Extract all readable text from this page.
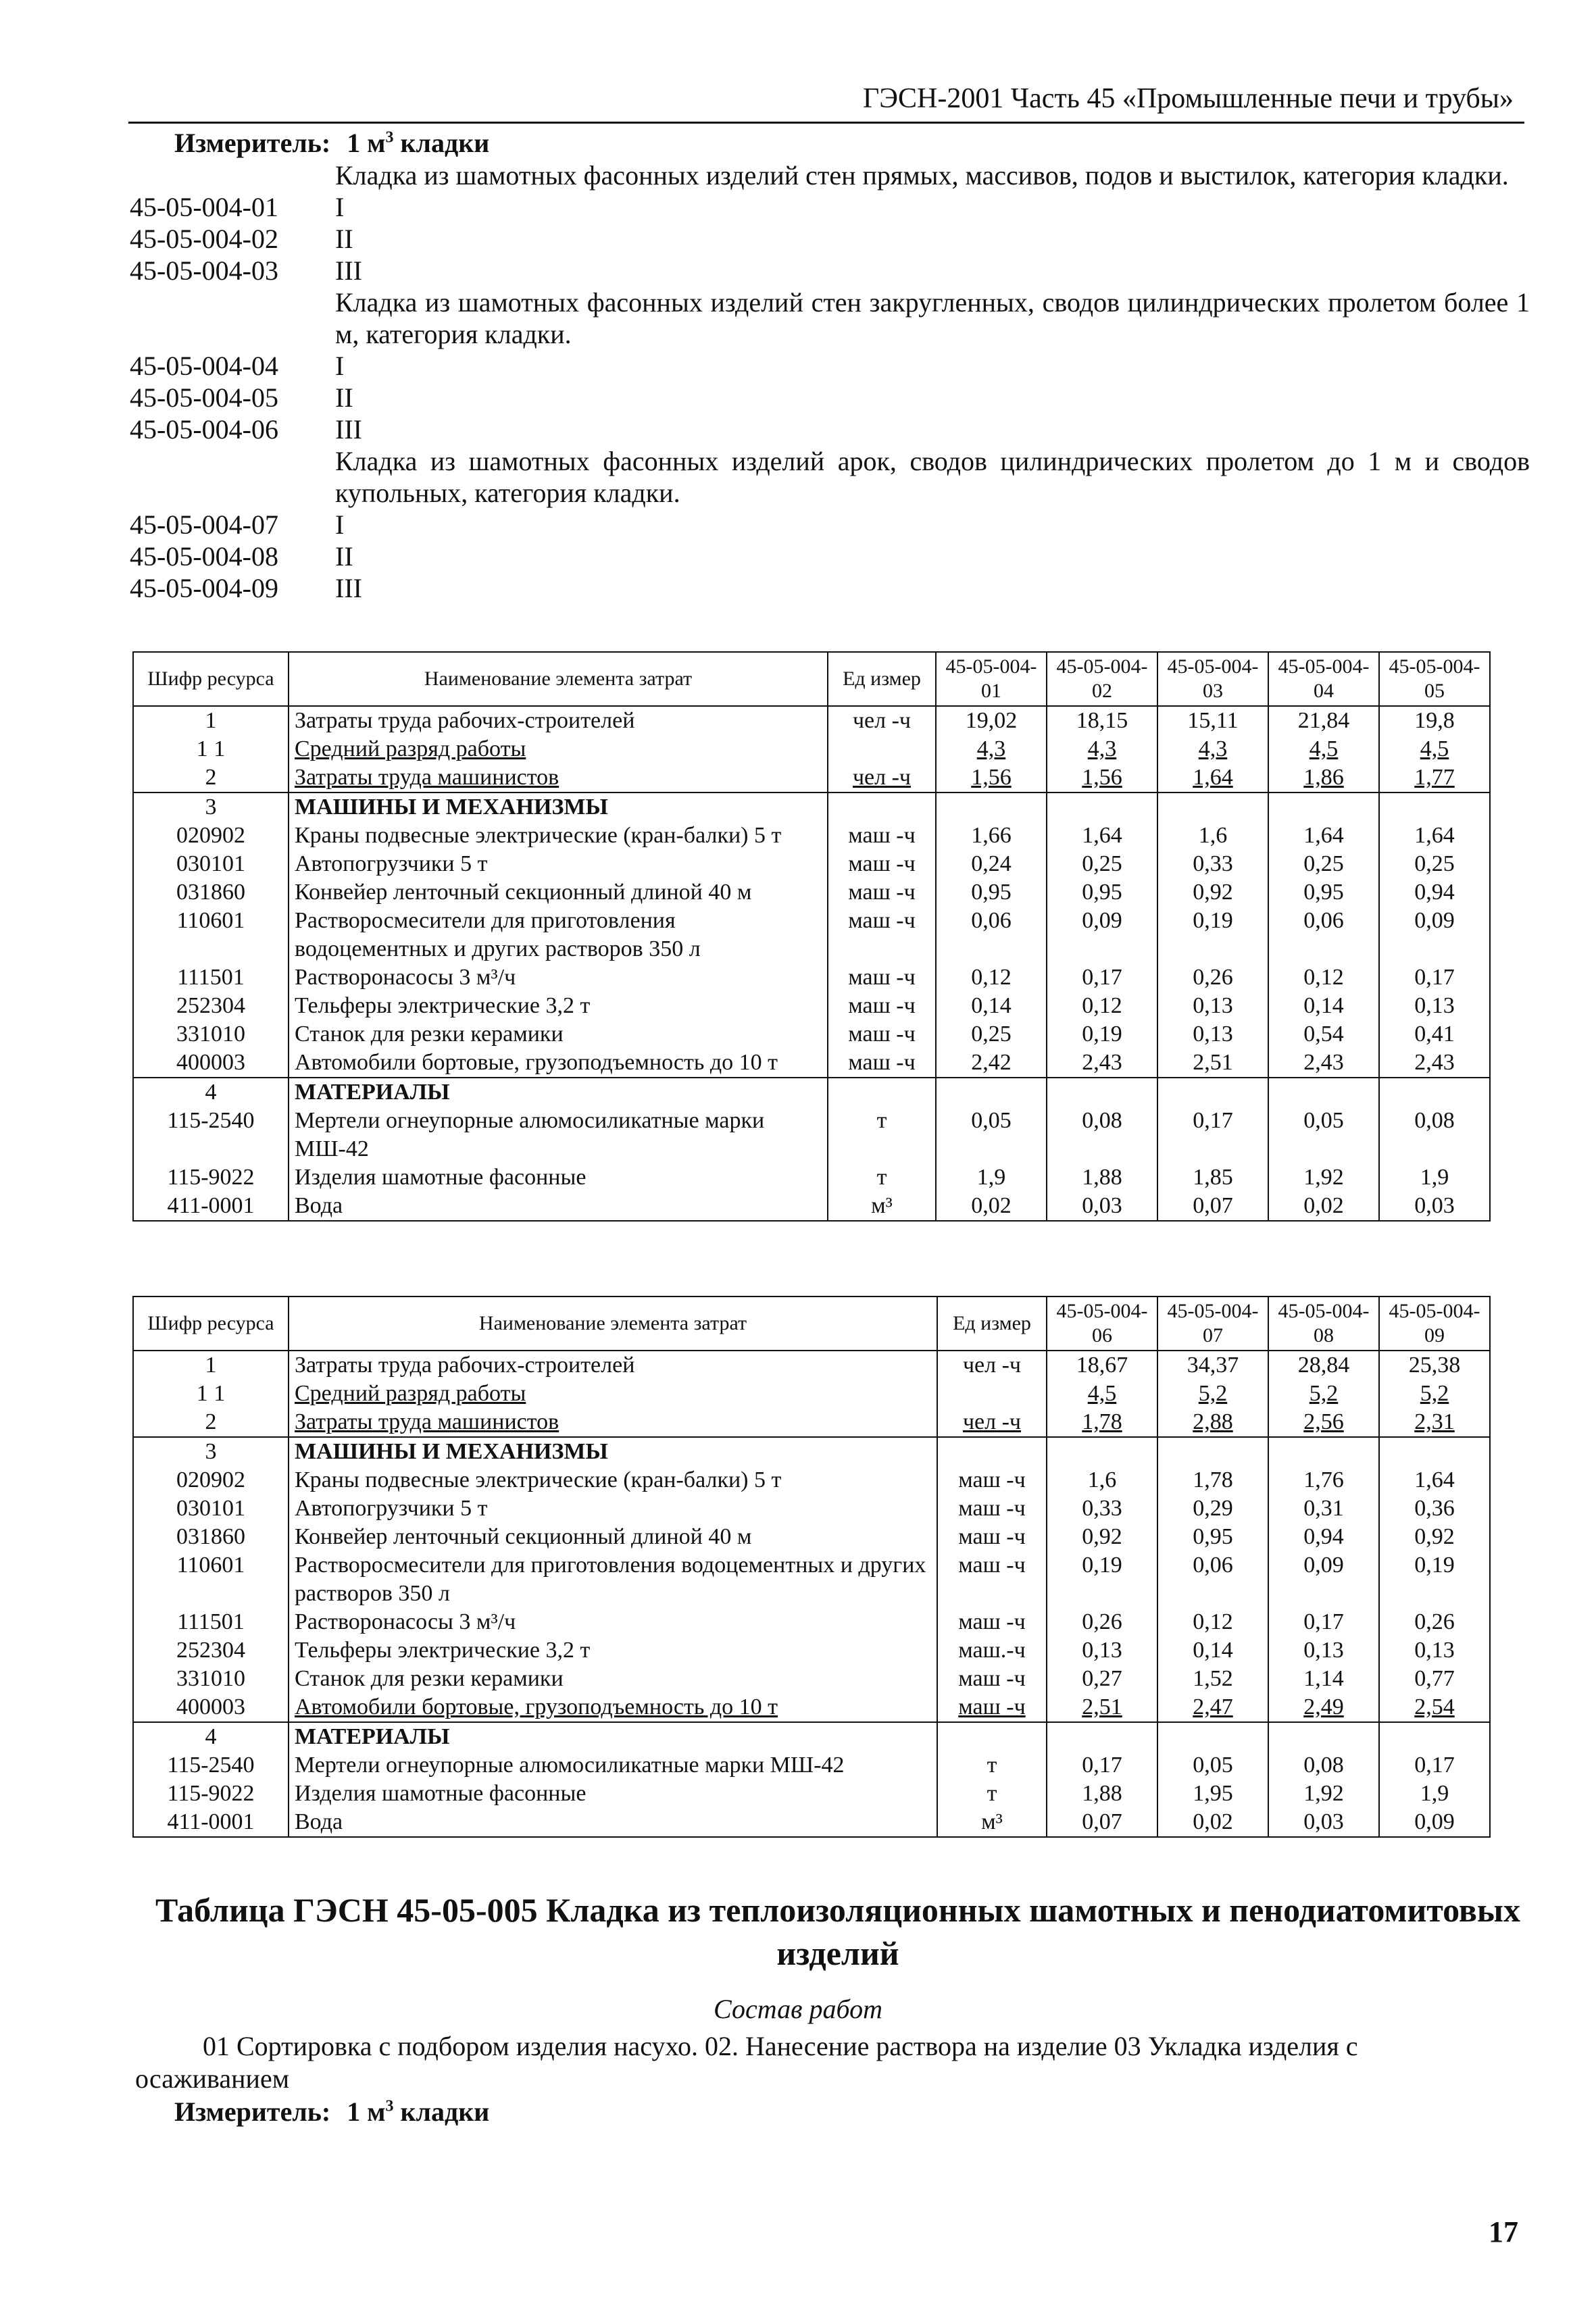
ГЭСН-2001 Часть 45 «Промышленные печи и трубы»
Измеритель: 1 $м^3$ кладки
Кладка из шамотных фасонных изделий стен прямых, массивов, подов и выстилок, категория кладки.
45-05-004-01	I
45-05-004-02	II
45-05-004-03	III
Кладка из шамотных фасонных изделий стен закругленных, сводов цилиндрических пролетом более 1 м, категория кладки.
45-05-004-04	I
45-05-004-05	II
45-05-004-06	III
Кладка из шамотных фасонных изделий арок, сводов цилиндрических пролетом до 1 м и сводов купольных, категория кладки.
45-05-004-07	I
45-05-004-08	II
45-05-004-09	III
Шифр ресурса	Наименование элемента затрат	Ед измер	45-05-004-01	45-05-004-02	45-05-004-03	45-05-004-04	45-05-004-05
1	Затраты труда рабочих-строителей	чел -ч	19,02	18,15	15,11	21,84	19,8
1 1	Средний разряд работы		4,3	4,3	4,3	4,5	4,5
2	Затраты труда машинистов	чел -ч	1,56	1,56	1,64	1,86	1,77
3	МАШИНЫ И МЕХАНИЗМЫ						
020902	Краны подвесные электрические (кран-балки) 5 т	маш -ч	1,66	1,64	1,6	1,64	1,64
030101	Автопогрузчики 5 т	маш -ч	0,24	0,25	0,33	0,25	0,25
031860	Конвейер ленточный секционный длиной 40 м	маш -ч	0,95	0,95	0,92	0,95	0,94
110601	Растворосмесители для приготовления водоцементных и других растворов 350 л	маш -ч	0,06	0,09	0,19	0,06	0,09
111501	Растворонасосы 3 м³/ч	маш -ч	0,12	0,17	0,26	0,12	0,17
252304	Тельферы электрические 3,2 т	маш -ч	0,14	0,12	0,13	0,14	0,13
331010	Станок для резки керамики	маш -ч	0,25	0,19	0,13	0,54	0,41
400003	Автомобили бортовые, грузоподъемность до 10 т	маш -ч	2,42	2,43	2,51	2,43	2,43
4	МАТЕРИАЛЫ						
115-2540	Мертели огнеупорные алюмосиликатные марки МШ-42	т	0,05	0,08	0,17	0,05	0,08
115-9022	Изделия шамотные фасонные	т	1,9	1,88	1,85	1,92	1,9
411-0001	Вода	м³	0,02	0,03	0,07	0,02	0,03
Шифр ресурса	Наименование элемента затрат	Ед измер	45-05-004-06	45-05-004-07	45-05-004-08	45-05-004-09
1	Затраты труда рабочих-строителей	чел -ч	18,67	34,37	28,84	25,38
1 1	Средний разряд работы		4,5	5,2	5,2	5,2
2	Затраты труда машинистов	чел -ч	1,78	2,88	2,56	2,31
3	МАШИНЫ И МЕХАНИЗМЫ					
020902	Краны подвесные электрические (кран-балки) 5 т	маш -ч	1,6	1,78	1,76	1,64
030101	Автопогрузчики 5 т	маш -ч	0,33	0,29	0,31	0,36
031860	Конвейер ленточный секционный длиной 40 м	маш -ч	0,92	0,95	0,94	0,92
110601	Растворосмесители для приготовления водоцементных и других растворов 350 л	маш -ч	0,19	0,06	0,09	0,19
111501	Растворонасосы 3 м³/ч	маш -ч	0,26	0,12	0,17	0,26
252304	Тельферы электрические 3,2 т	маш.-ч	0,13	0,14	0,13	0,13
331010	Станок для резки керамики	маш -ч	0,27	1,52	1,14	0,77
400003	Автомобили бортовые, грузоподъемность до 10 т	маш -ч	2,51	2,47	2,49	2,54
4	МАТЕРИАЛЫ					
115-2540	Мертели огнеупорные алюмосиликатные марки МШ-42	т	0,17	0,05	0,08	0,17
115-9022	Изделия шамотные фасонные	т	1,88	1,95	1,92	1,9
411-0001	Вода	м³	0,07	0,02	0,03	0,09
Таблица ГЭСН 45-05-005 Кладка из теплоизоляционных шамотных и пенодиатомитовых изделий
Состав работ
01 Сортировка с подбором изделия насухо. 02. Нанесение раствора на изделие 03 Укладка изделия с осаживанием
Измеритель: 1 $м^3$ кладки
17
